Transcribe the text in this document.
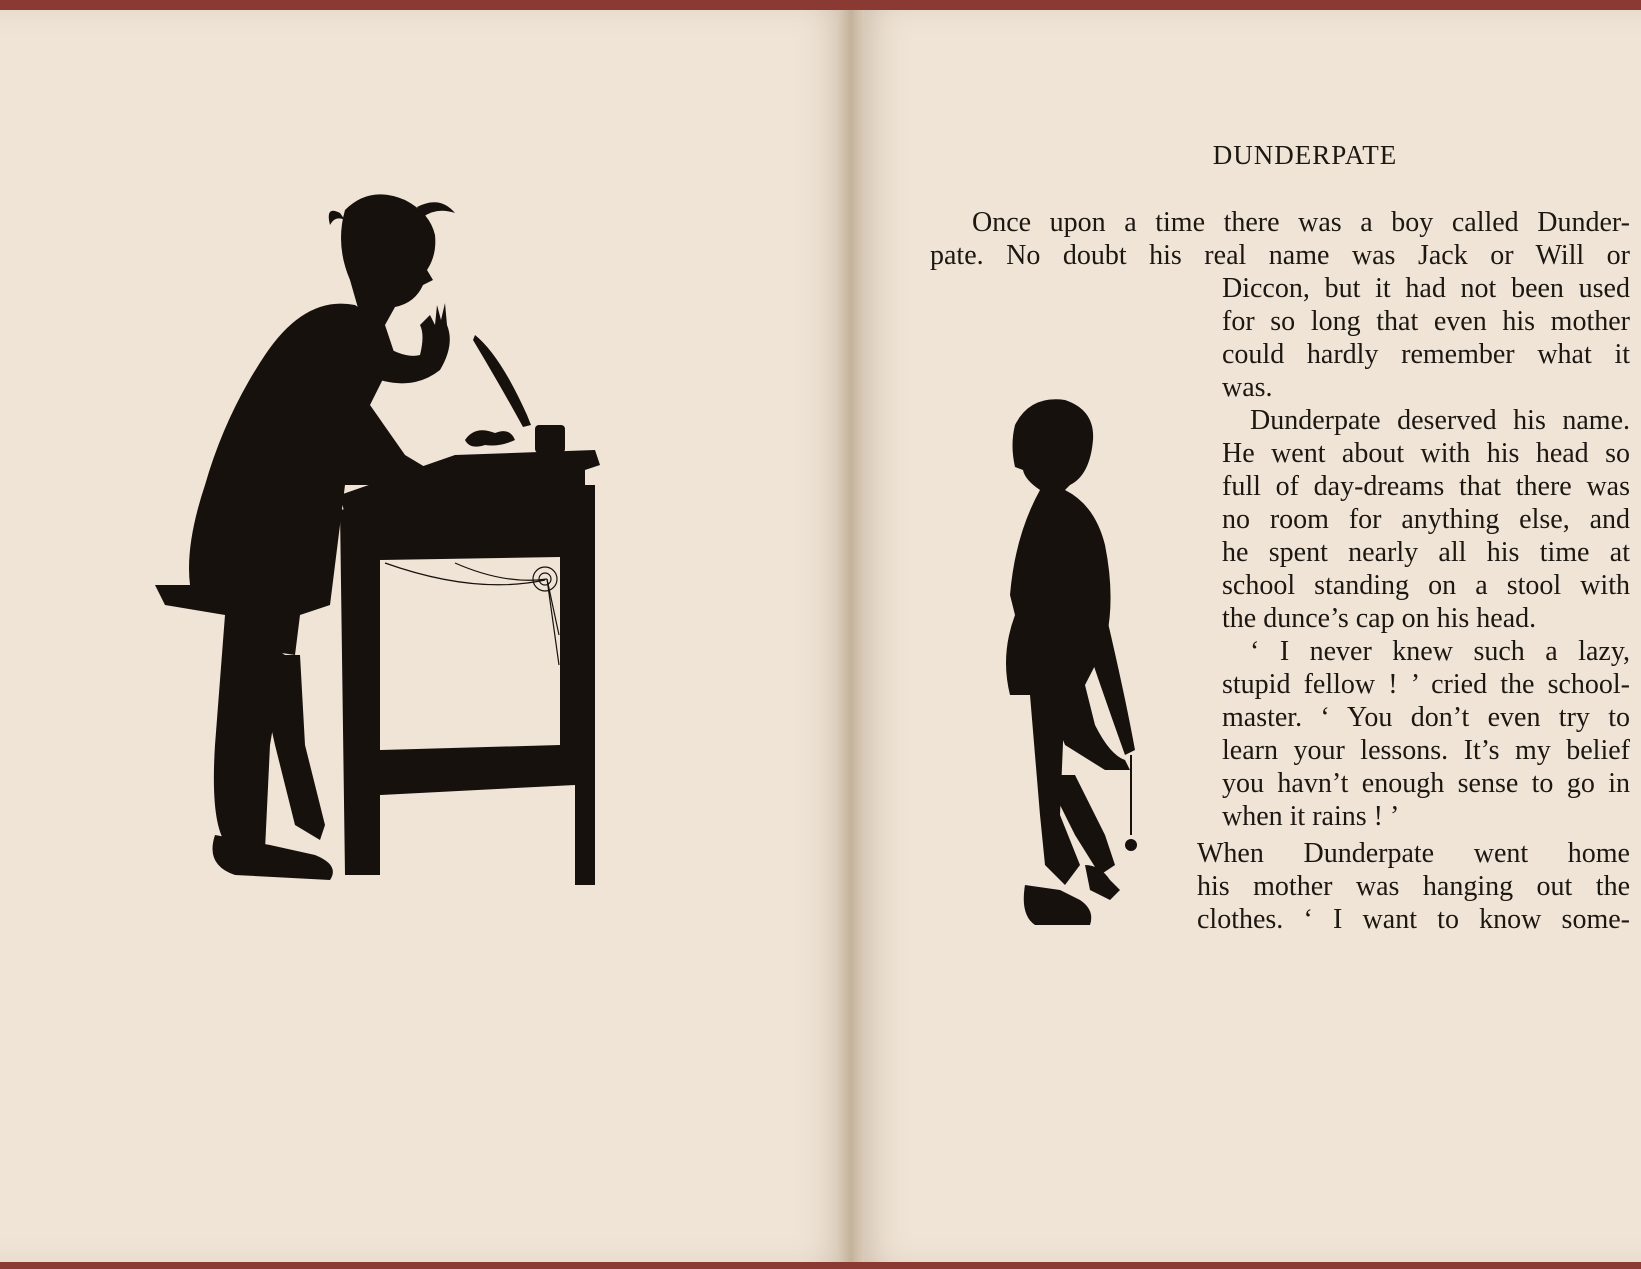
DUNDERPATE
Once upon a time there was a boy called Dunder-
pate. No doubt his real name was Jack or Will or
Diccon, but it had not been used
for so long that even his mother
could hardly remember what it
was.
Dunderpate deserved his name.
He went about with his head so
full of day-dreams that there was
no room for anything else, and
he spent nearly all his time at
school standing on a stool with
the dunce’s cap on his head.
‘ I never knew such a lazy,
stupid fellow ! ’ cried the school-
master. ‘ You don’t even try to
learn your lessons. It’s my belief
you havn’t enough sense to go in
when it rains ! ’
When Dunderpate went home
his mother was hanging out the
clothes. ‘ I want to know some-
